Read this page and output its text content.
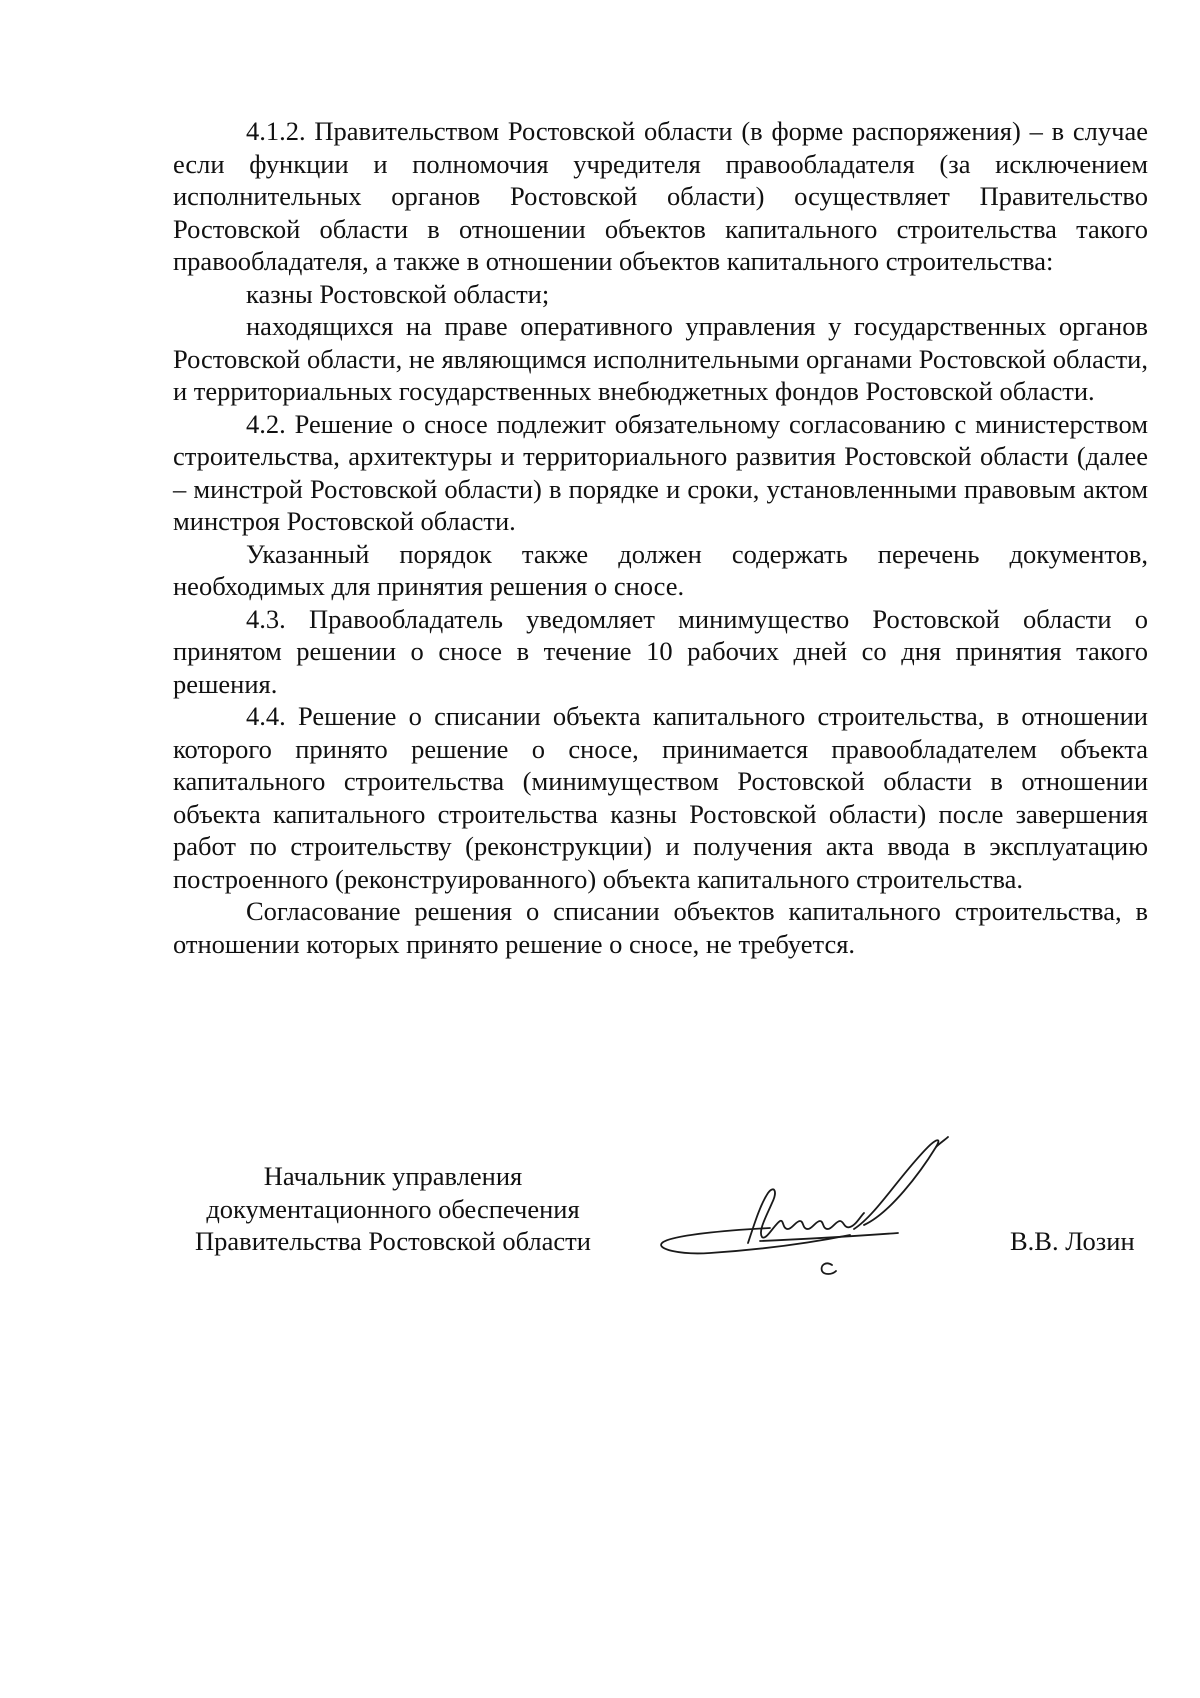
4.1.2. Правительством Ростовской области (в форме распоряжения) – в случае если функции и полномочия учредителя правообладателя (за исключением исполнительных органов Ростовской области) осуществляет Правительство Ростовской области в отношении объектов капитального строительства такого правообладателя, а также в отношении объектов капитального строительства:

казны Ростовской области;

находящихся на праве оперативного управления у государственных органов Ростовской области, не являющимся исполнительными органами Ростовской области, и территориальных государственных внебюджетных фондов Ростовской области.

4.2. Решение о сносе подлежит обязательному согласованию с министерством строительства, архитектуры и территориального развития Ростовской области (далее – минстрой Ростовской области) в порядке и сроки, установленными правовым актом минстроя Ростовской области.

Указанный порядок также должен содержать перечень документов, необходимых для принятия решения о сносе.

4.3. Правообладатель уведомляет минимущество Ростовской области о принятом решении о сносе в течение 10 рабочих дней со дня принятия такого решения.

4.4. Решение о списании объекта капитального строительства, в отношении которого принято решение о сносе, принимается правообладателем объекта капитального строительства (минимуществом Ростовской области в отношении объекта капитального строительства казны Ростовской области) после завершения работ по строительству (реконструкции) и получения акта ввода в эксплуатацию построенного (реконструированного) объекта капитального строительства.

Согласование решения о списании объектов капитального строительства, в отношении которых принято решение о сносе, не требуется.

Начальник управления
документационного обеспечения
Правительства Ростовской области	В.В. Лозин
